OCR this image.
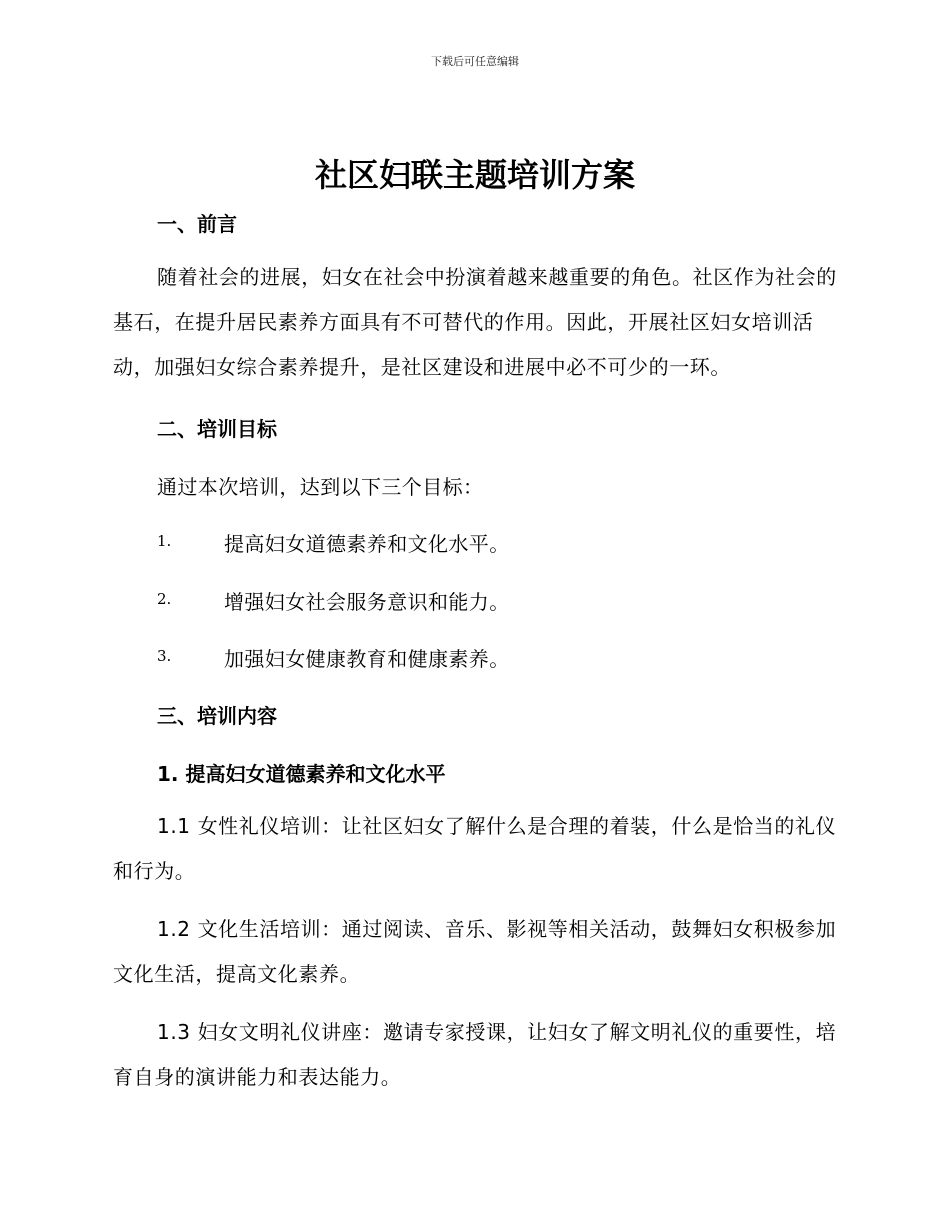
下载后可任意编辑
社区妇联主题培训方案
一、前言
随着社会的进展，妇女在社会中扮演着越来越重要的角色。社区作为社会的基石，在提升居民素养方面具有不可替代的作用。因此，开展社区妇女培训活动，加强妇女综合素养提升，是社区建设和进展中必不可少的一环。
二、培训目标
通过本次培训，达到以下三个目标：
1.	提高妇女道德素养和文化水平。
2.	增强妇女社会服务意识和能力。
3.	加强妇女健康教育和健康素养。
三、培训内容
1. 提高妇女道德素养和文化水平
1.1 女性礼仪培训：让社区妇女了解什么是合理的着装，什么是恰当的礼仪和行为。
1.2 文化生活培训：通过阅读、音乐、影视等相关活动，鼓舞妇女积极参加文化生活，提高文化素养。
1.3 妇女文明礼仪讲座：邀请专家授课，让妇女了解文明礼仪的重要性，培育自身的演讲能力和表达能力。
